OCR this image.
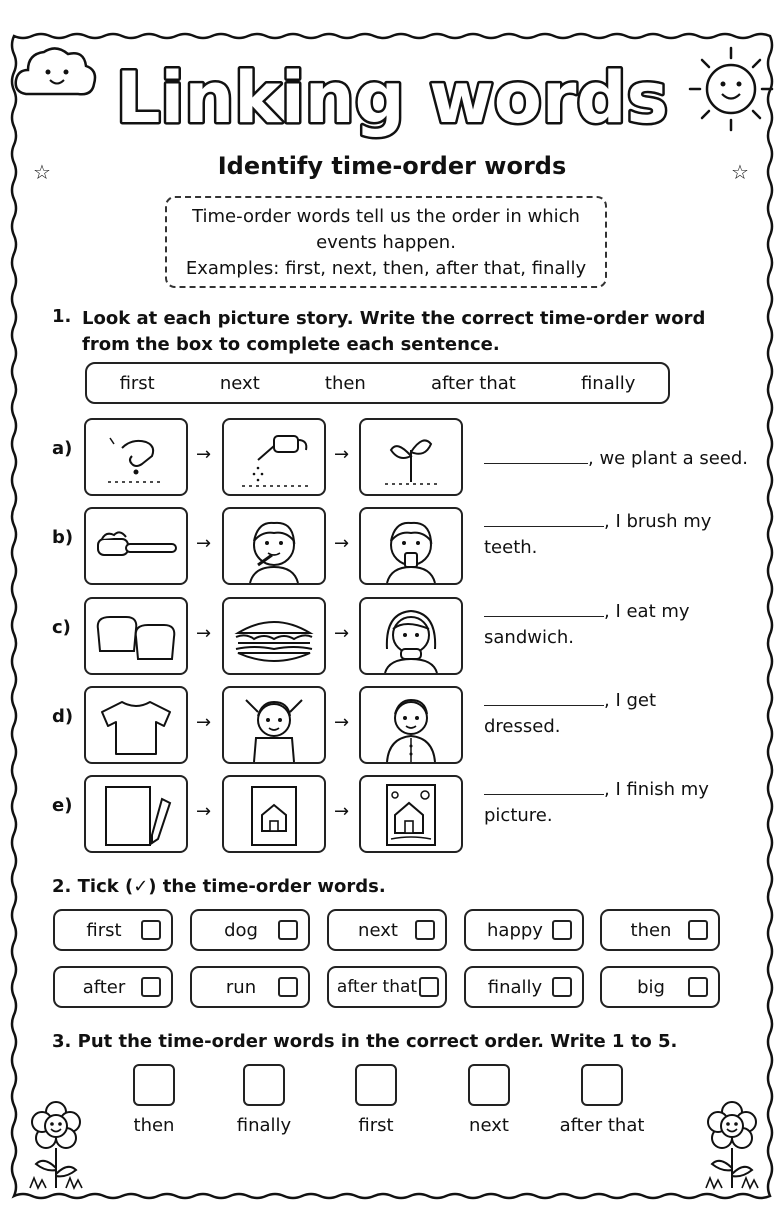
☆	☆
Linking words
Identify time-order words
Time-order words tell us the order in which
events happen.
Examples: first, next, then, after that, finally
1. Look at each picture story. Write the correct time-order word
from the box to complete each sentence.
first	next	then	after that	finally
a)	→	→	, we plant a seed.
b)	→	→
, I brush my
teeth.
c)	→	→
, I eat my
sandwich.
d)	→	→
, I get
dressed.
e)	→	→
, I finish my
picture.
2. Tick (✓) the time-order words.
first	dog	next	happy	then
after	run	after that	finally	big
3. Put the time-order words in the correct order. Write 1 to 5.
then	finally	first	next	after that
